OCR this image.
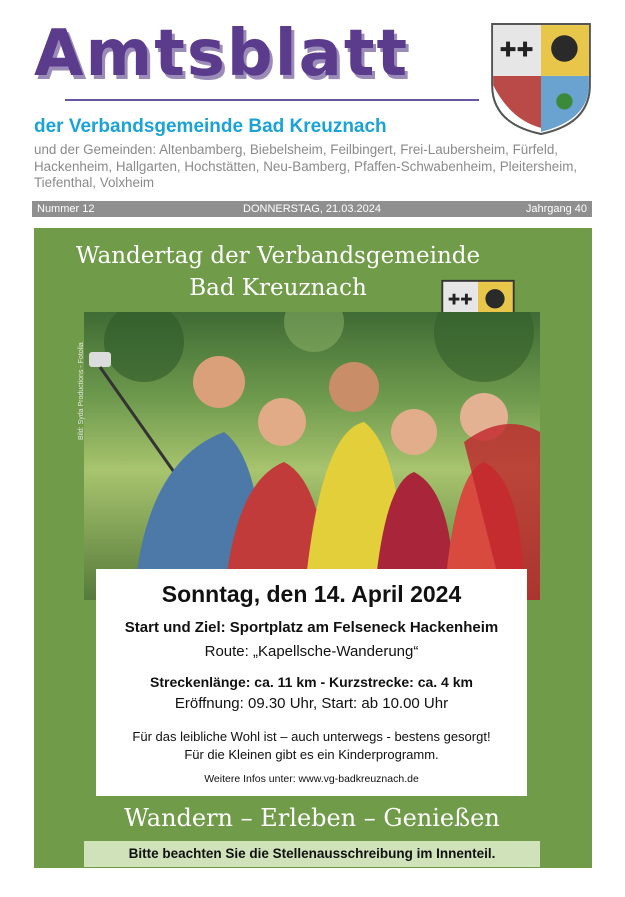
Amtsblatt
der Verbandsgemeinde Bad Kreuznach
und der Gemeinden: Altenbamberg, Biebelsheim, Feilbingert, Frei-Laubersheim, Fürfeld, Hackenheim, Hallgarten, Hochstätten, Neu-Bamberg, Pfaffen-Schwabenheim, Pleitersheim, Tiefenthal, Volxheim
✚✚
Nummer 12	DONNERSTAG, 21.03.2024	Jahrgang 40
Wandertag der Verbandsgemeinde
Bad Kreuznach	✚✚
Bild: Syda Productions - Fotolia
Sonntag, den 14. April 2024
Start und Ziel: Sportplatz am Felseneck Hackenheim
Route: „Kapellsche-Wanderung“
Streckenlänge: ca. 11 km - Kurzstrecke: ca. 4 km
Eröffnung: 09.30 Uhr, Start: ab 10.00 Uhr
Für das leibliche Wohl ist – auch unterwegs - bestens gesorgt!
Für die Kleinen gibt es ein Kinderprogramm.
Weitere Infos unter: www.vg-badkreuznach.de
Wandern – Erleben – Genießen
Bitte beachten Sie die Stellenausschreibung im Innenteil.
